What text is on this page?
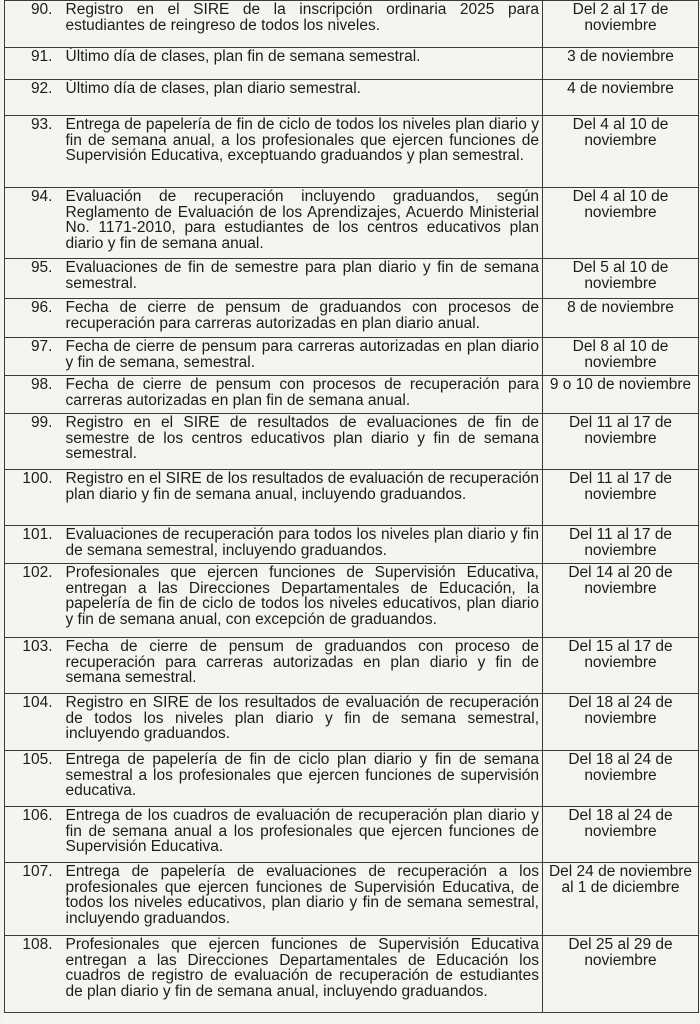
90.	Registro en el SIRE de la inscripción ordinaria 2025 para estudiantes de reingreso de todos los niveles.	Del 2 al 17 de noviembre
91.	Último día de clases, plan fin de semana semestral.	3 de noviembre
92.	Último día de clases, plan diario semestral.	4 de noviembre
93.	Entrega de papelería de fin de ciclo de todos los niveles plan diario y fin de semana anual, a los profesionales que ejercen funciones de Supervisión Educativa, exceptuando graduandos y plan semestral.	Del 4 al 10 de noviembre
94.	Evaluación de recuperación incluyendo graduandos, según Reglamento de Evaluación de los Aprendizajes, Acuerdo Ministerial No. 1171-2010, para estudiantes de los centros educativos plan diario y fin de semana anual.	Del 4 al 10 de noviembre
95.	Evaluaciones de fin de semestre para plan diario y fin de semana semestral.	Del 5 al 10 de noviembre
96.	Fecha de cierre de pensum de graduandos con procesos de recuperación para carreras autorizadas en plan diario anual.	8 de noviembre
97.	Fecha de cierre de pensum para carreras autorizadas en plan diario y fin de semana, semestral.	Del 8 al 10 de noviembre
98.	Fecha de cierre de pensum con procesos de recuperación para carreras autorizadas en plan fin de semana anual.	9 o 10 de noviembre
99.	Registro en el SIRE de resultados de evaluaciones de fin de semestre de los centros educativos plan diario y fin de semana semestral.	Del 11 al 17 de noviembre
100.	Registro en el SIRE de los resultados de evaluación de recuperación plan diario y fin de semana anual, incluyendo graduandos.	Del 11 al 17 de noviembre
101.	Evaluaciones de recuperación para todos los niveles plan diario y fin de semana semestral, incluyendo graduandos.	Del 11 al 17 de noviembre
102.	Profesionales que ejercen funciones de Supervisión Educativa, entregan a las Direcciones Departamentales de Educación, la papelería de fin de ciclo de todos los niveles educativos, plan diario y fin de semana anual, con excepción de graduandos.	Del 14 al 20 de noviembre
103.	Fecha de cierre de pensum de graduandos con proceso de recuperación para carreras autorizadas en plan diario y fin de semana semestral.	Del 15 al 17 de noviembre
104.	Registro en SIRE de los resultados de evaluación de recuperación de todos los niveles plan diario y fin de semana semestral, incluyendo graduandos.	Del 18 al 24 de noviembre
105.	Entrega de papelería de fin de ciclo plan diario y fin de semana semestral a los profesionales que ejercen funciones de supervisión educativa.	Del 18 al 24 de noviembre
106.	Entrega de los cuadros de evaluación de recuperación plan diario y fin de semana anual a los profesionales que ejercen funciones de Supervisión Educativa.	Del 18 al 24 de noviembre
107.	Entrega de papelería de evaluaciones de recuperación a los profesionales que ejercen funciones de Supervisión Educativa, de todos los niveles educativos, plan diario y fin de semana semestral, incluyendo graduandos.	Del 24 de noviembre al 1 de diciembre
108.	Profesionales que ejercen funciones de Supervisión Educativa entregan a las Direcciones Departamentales de Educación los cuadros de registro de evaluación de recuperación de estudiantes de plan diario y fin de semana anual, incluyendo graduandos.	Del 25 al 29 de noviembre
